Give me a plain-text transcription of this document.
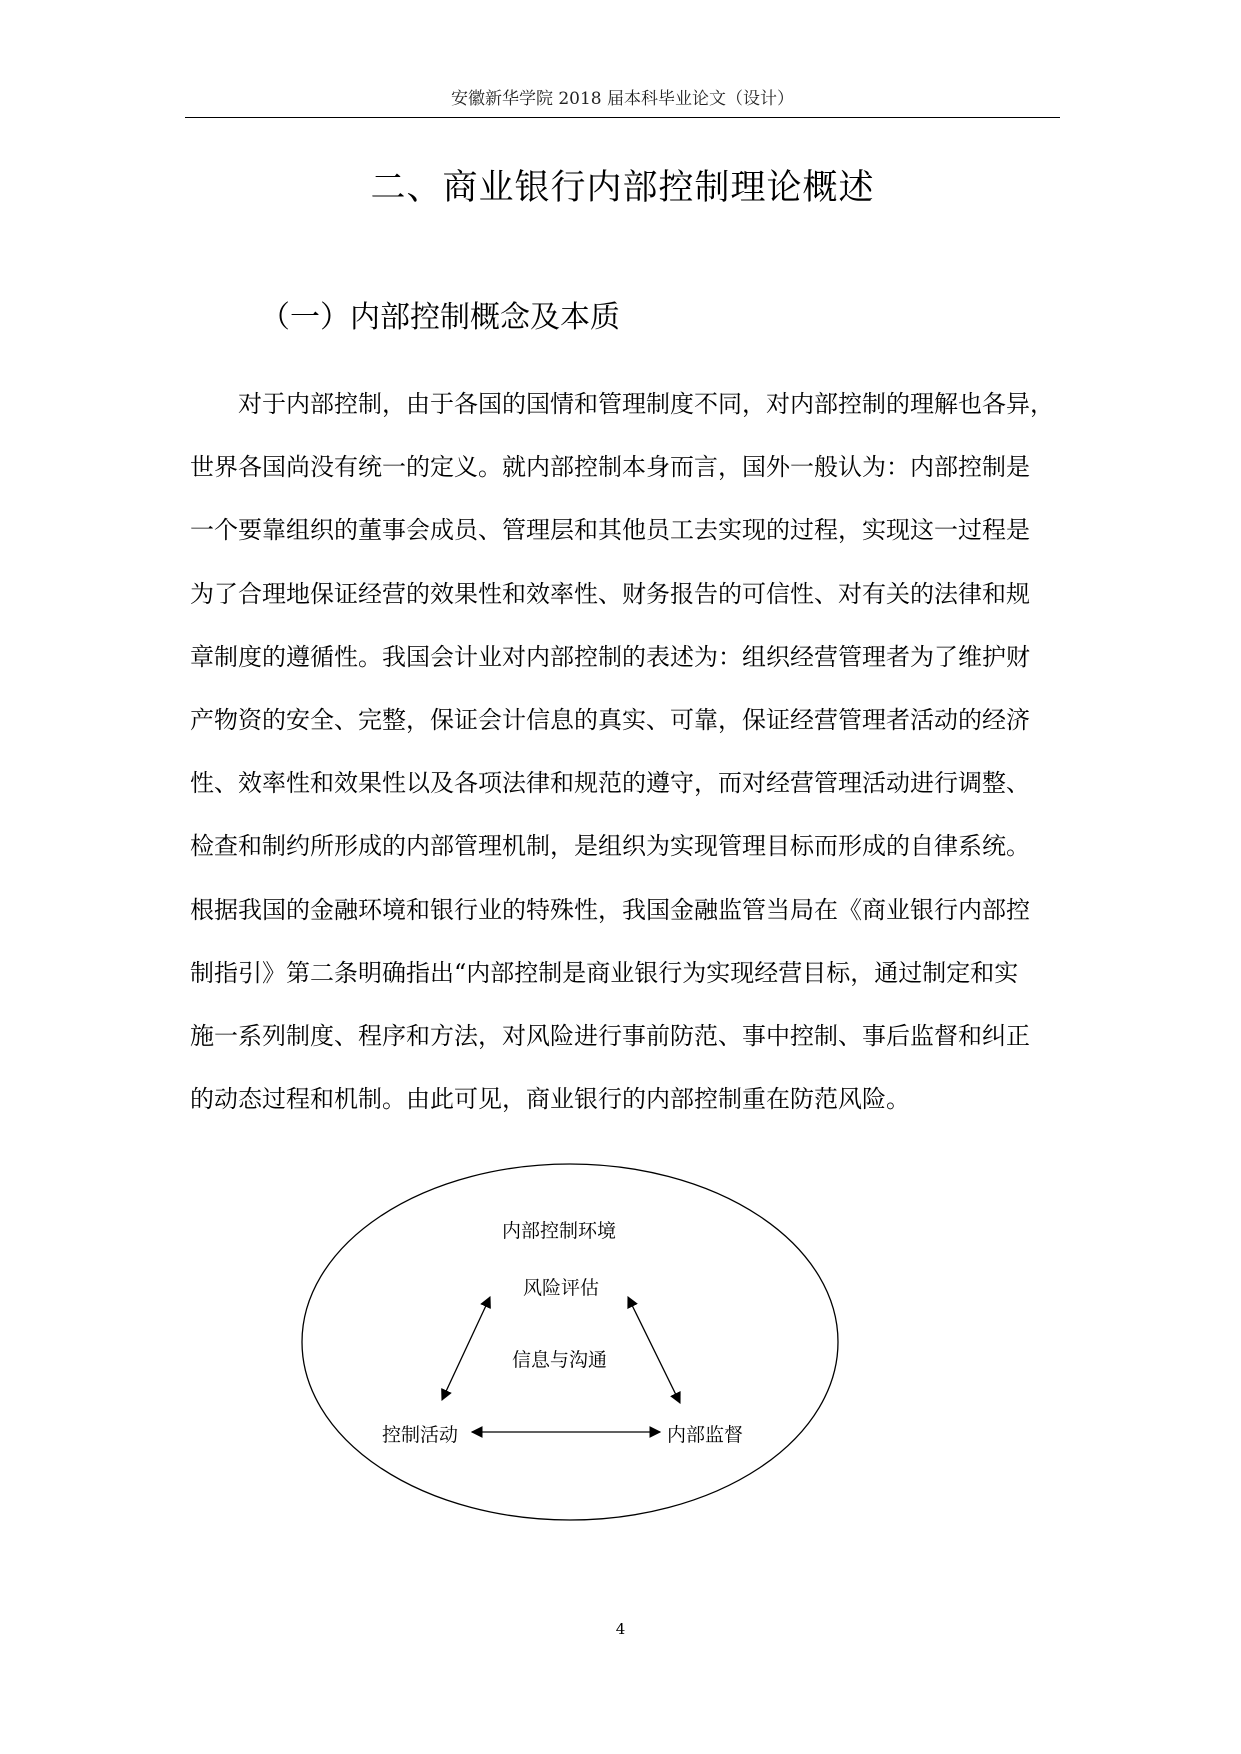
安徽新华学院 2018 届本科毕业论文（设计）
二、商业银行内部控制理论概述
（一）内部控制概念及本质
对于内部控制，由于各国的国情和管理制度不同，对内部控制的理解也各异，
世界各国尚没有统一的定义。就内部控制本身而言，国外一般认为：内部控制是
一个要靠组织的董事会成员、管理层和其他员工去实现的过程，实现这一过程是
为了合理地保证经营的效果性和效率性、财务报告的可信性、对有关的法律和规
章制度的遵循性。我国会计业对内部控制的表述为：组织经营管理者为了维护财
产物资的安全、完整，保证会计信息的真实、可靠，保证经营管理者活动的经济
性、效率性和效果性以及各项法律和规范的遵守，而对经营管理活动进行调整、
检查和制约所形成的内部管理机制，是组织为实现管理目标而形成的自律系统。
根据我国的金融环境和银行业的特殊性，我国金融监管当局在《商业银行内部控
制指引》第二条明确指出“内部控制是商业银行为实现经营目标，通过制定和实
施一系列制度、程序和方法，对风险进行事前防范、事中控制、事后监督和纠正
的动态过程和机制。由此可见，商业银行的内部控制重在防范风险。
内部控制环境
风险评估
信息与沟通
控制活动	内部监督
4
